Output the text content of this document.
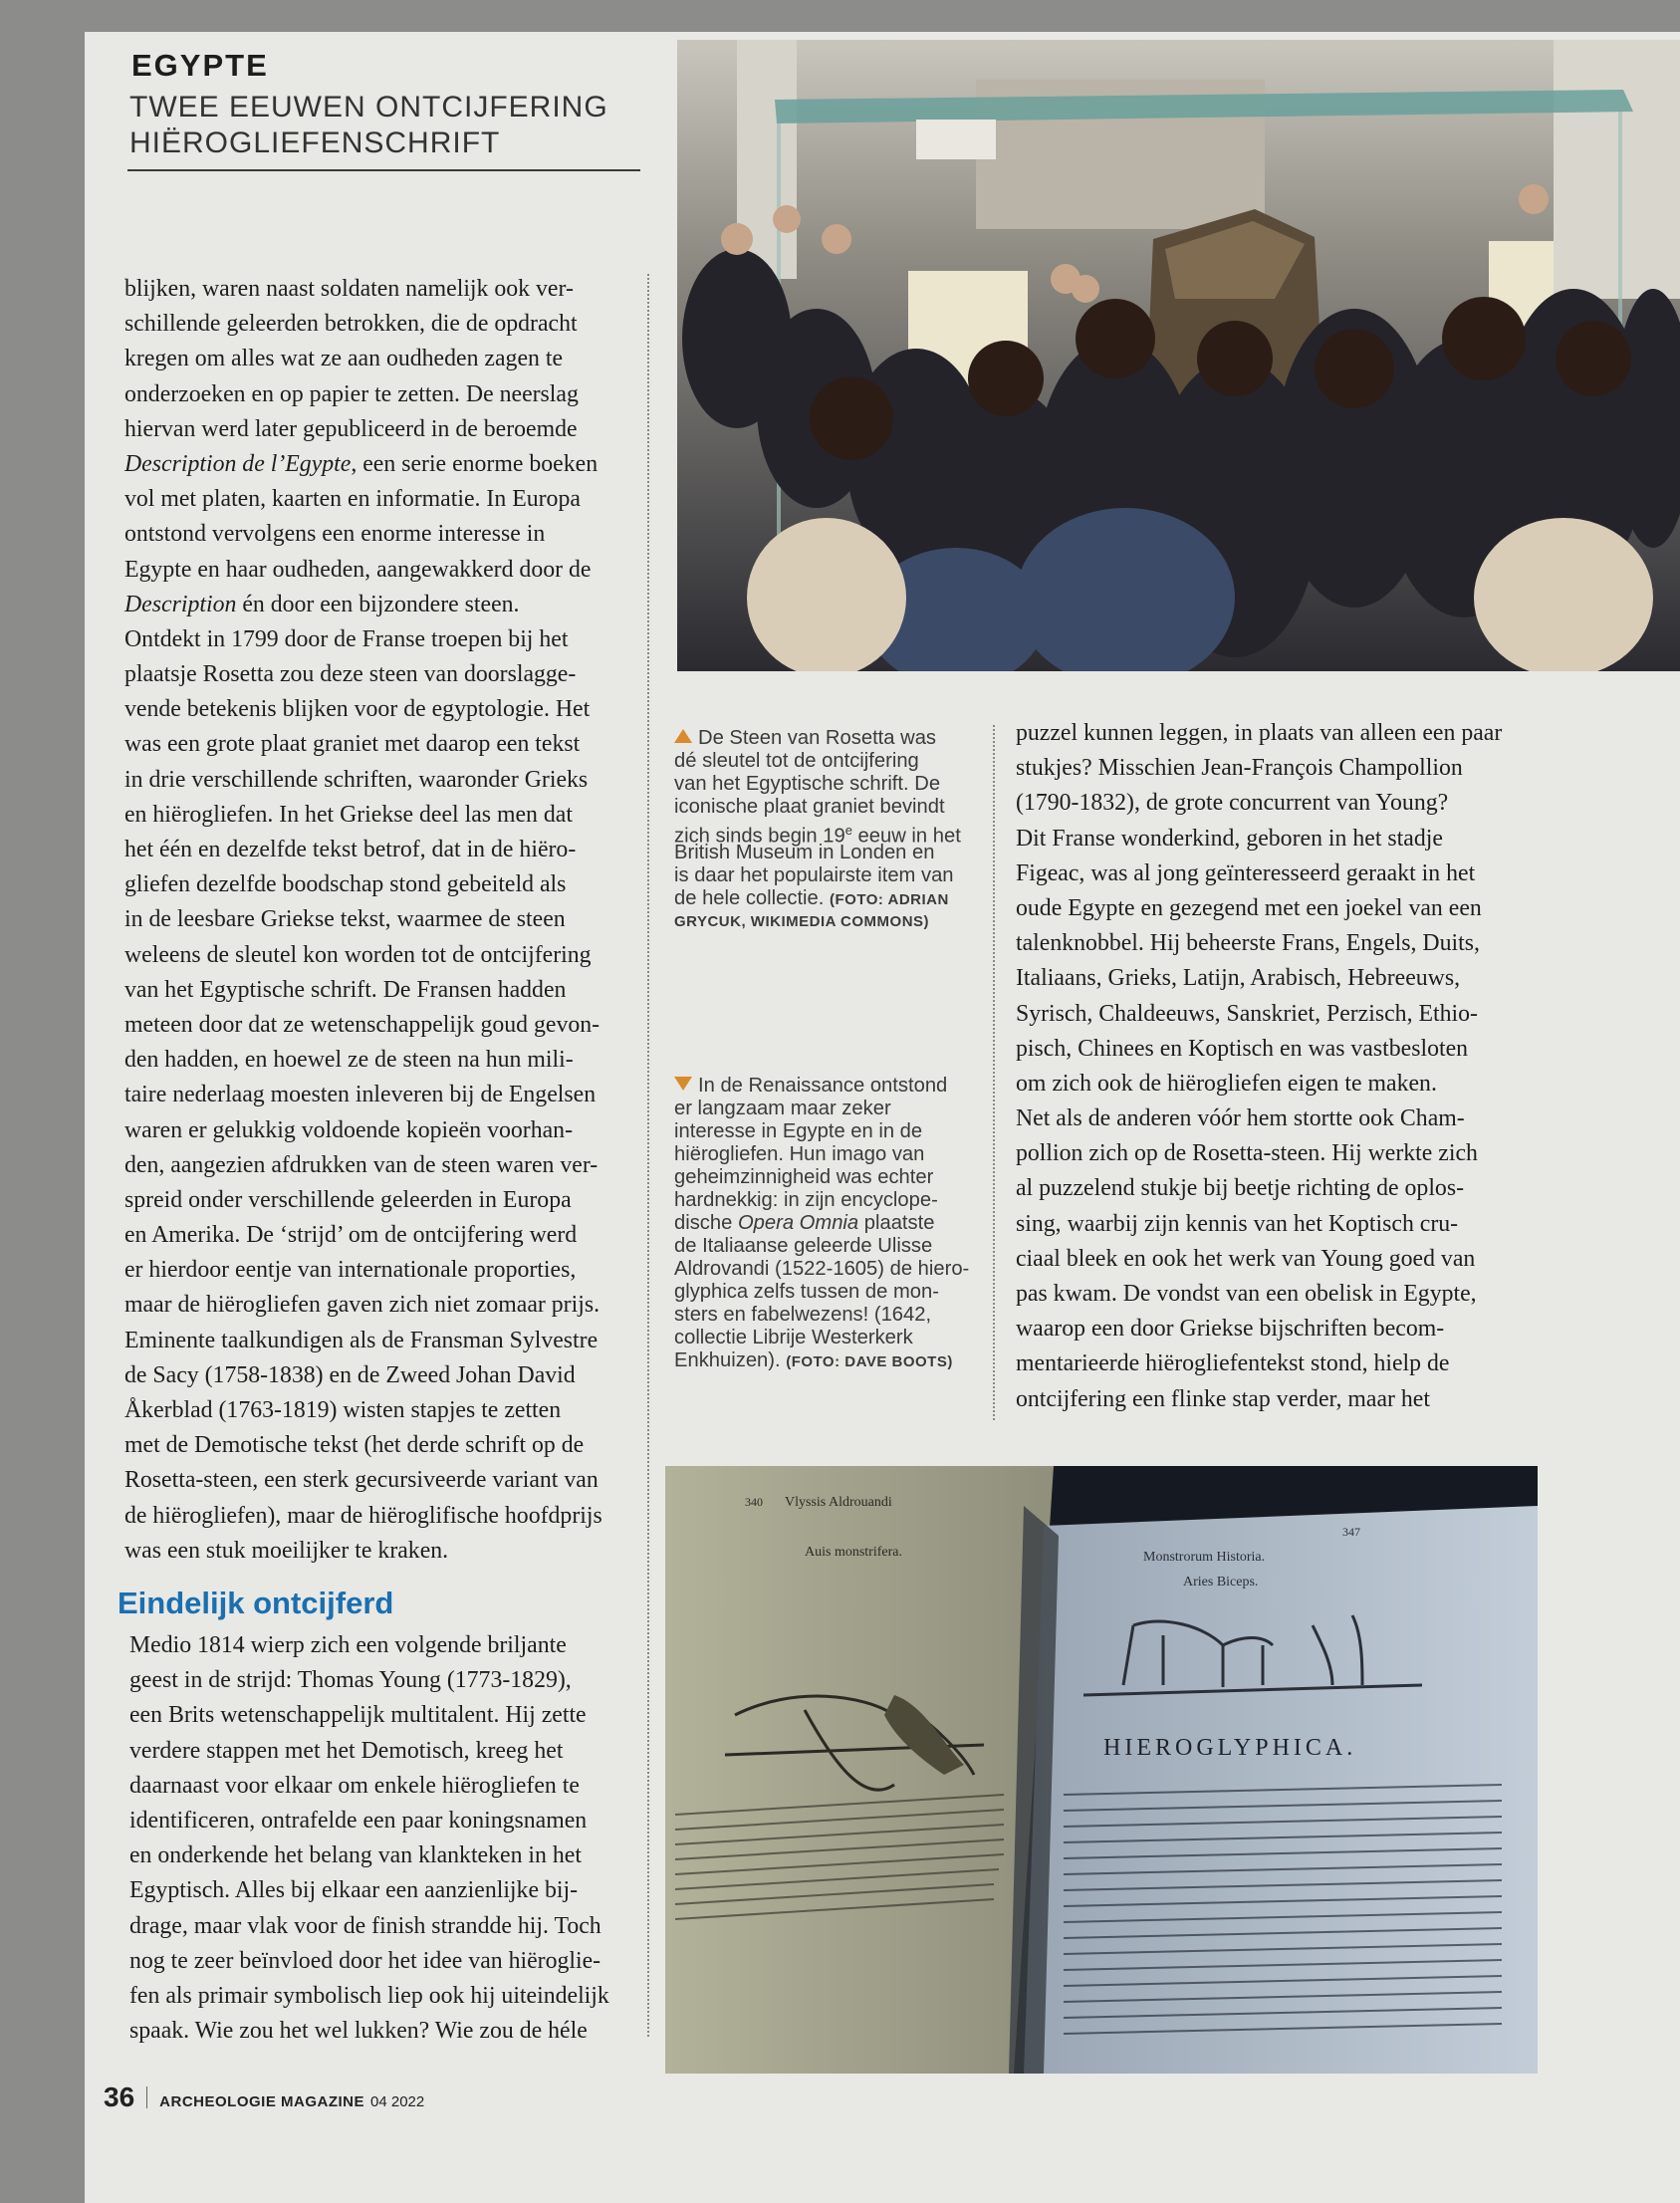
EGYPTE
TWEE EEUWEN ONTCIJFERING
HIËROGLIEFENSCHRIFT
blijken, waren naast soldaten namelijk ook ver-
schillende geleerden betrokken, die de opdracht
kregen om alles wat ze aan oudheden zagen te
onderzoeken en op papier te zetten. De neerslag
hiervan werd later gepubliceerd in de beroemde
Description de l’Egypte, een serie enorme boeken
vol met platen, kaarten en informatie. In Europa
ontstond vervolgens een enorme interesse in
Egypte en haar oudheden, aangewakkerd door de
Description én door een bijzondere steen.
Ontdekt in 1799 door de Franse troepen bij het
plaatsje Rosetta zou deze steen van doorslagge-
vende betekenis blijken voor de egyptologie. Het
was een grote plaat graniet met daarop een tekst
in drie verschillende schriften, waaronder Grieks
en hiërogliefen. In het Griekse deel las men dat
het één en dezelfde tekst betrof, dat in de hiëro-
gliefen dezelfde boodschap stond gebeiteld als
in de leesbare Griekse tekst, waarmee de steen
weleens de sleutel kon worden tot de ontcijfering
van het Egyptische schrift. De Fransen hadden
meteen door dat ze wetenschappelijk goud gevon-
den hadden, en hoewel ze de steen na hun mili-
taire nederlaag moesten inleveren bij de Engelsen
waren er gelukkig voldoende kopieën voorhan-
den, aangezien afdrukken van de steen waren ver-
spreid onder verschillende geleerden in Europa
en Amerika. De ‘strijd’ om de ontcijfering werd
er hierdoor eentje van internationale proporties,
maar de hiërogliefen gaven zich niet zomaar prijs.
Eminente taalkundigen als de Fransman Sylvestre
de Sacy (1758-1838) en de Zweed Johan David
Åkerblad (1763-1819) wisten stapjes te zetten
met de Demotische tekst (het derde schrift op de
Rosetta-steen, een sterk gecursiveerde variant van
de hiërogliefen), maar de hiëroglifische hoofdprijs
was een stuk moeilijker te kraken.
Eindelijk ontcijferd
Medio 1814 wierp zich een volgende briljante
geest in de strijd: Thomas Young (1773-1829),
een Brits wetenschappelijk multitalent. Hij zette
verdere stappen met het Demotisch, kreeg het
daarnaast voor elkaar om enkele hiërogliefen te
identificeren, ontrafelde een paar koningsnamen
en onderkende het belang van klankteken in het
Egyptisch. Alles bij elkaar een aanzienlijke bij-
drage, maar vlak voor de finish strandde hij. Toch
nog te zeer beïnvloed door het idee van hiëroglie-
fen als primair symbolisch liep ook hij uiteindelijk
spaak. Wie zou het wel lukken? Wie zou de héle
De Steen van Rosetta was
dé sleutel tot de ontcijfering
van het Egyptische schrift. De
iconische plaat graniet bevindt
zich sinds begin 19e eeuw in het
British Museum in Londen en
is daar het populairste item van
de hele collectie. (FOTO: ADRIAN
GRYCUK, WIKIMEDIA COMMONS)
In de Renaissance ontstond
er langzaam maar zeker
interesse in Egypte en in de
hiërogliefen. Hun imago van
geheimzinnigheid was echter
hardnekkig: in zijn encyclope-
dische Opera Omnia plaatste
de Italiaanse geleerde Ulisse
Aldrovandi (1522-1605) de hiero-
glyphica zelfs tussen de mon-
sters en fabelwezens! (1642,
collectie Librije Westerkerk
Enkhuizen). (FOTO: DAVE BOOTS)
puzzel kunnen leggen, in plaats van alleen een paar
stukjes? Misschien Jean-François Champollion
(1790-1832), de grote concurrent van Young?
Dit Franse wonderkind, geboren in het stadje
Figeac, was al jong geïnteresseerd geraakt in het
oude Egypte en gezegend met een joekel van een
talenknobbel. Hij beheerste Frans, Engels, Duits,
Italiaans, Grieks, Latijn, Arabisch, Hebreeuws,
Syrisch, Chaldeeuws, Sanskriet, Perzisch, Ethio-
pisch, Chinees en Koptisch en was vastbesloten
om zich ook de hiërogliefen eigen te maken.
Net als de anderen vóór hem stortte ook Cham-
pollion zich op de Rosetta-steen. Hij werkte zich
al puzzelend stukje bij beetje richting de oplos-
sing, waarbij zijn kennis van het Koptisch cru-
ciaal bleek en ook het werk van Young goed van
pas kwam. De vondst van een obelisk in Egypte,
waarop een door Griekse bijschriften becom-
mentarieerde hiërogliefentekst stond, hielp de
ontcijfering een flinke stap verder, maar het
Vlyssis Aldrouandi
340
Auis monstrifera.	Monstrorum Historia.
347
Aries Biceps.
HIEROGLYPHICA.
36 ARCHEOLOGIE MAGAZINE 04 2022
